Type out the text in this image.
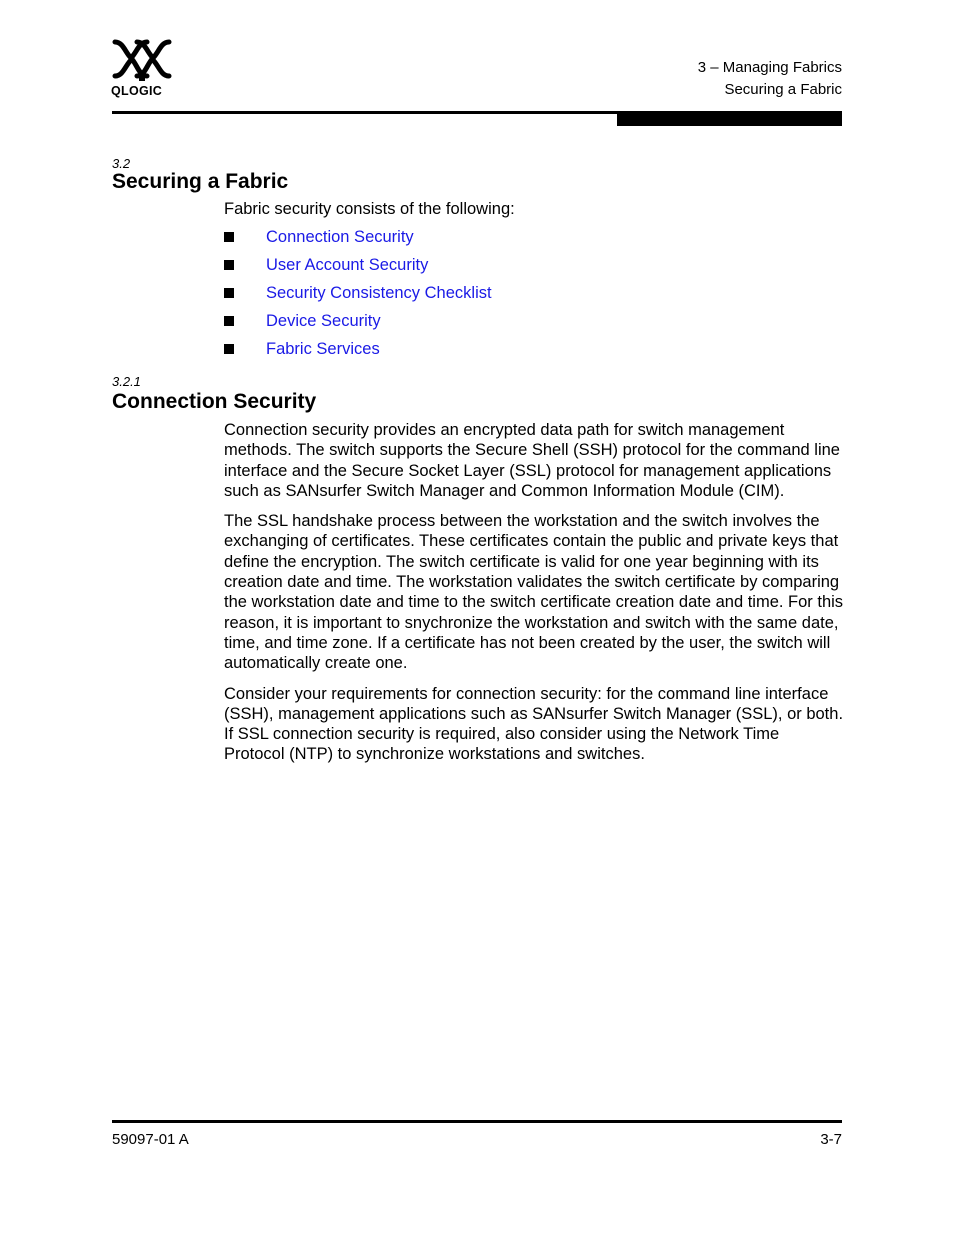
QLOGIC
3 – Managing Fabrics
Securing a Fabric
3.2
Securing a Fabric
Fabric security consists of the following:
Connection Security
User Account Security
Security Consistency Checklist
Device Security
Fabric Services
3.2.1
Connection Security

Connection security provides an encrypted data path for switch management methods. The switch supports the Secure Shell (SSH) protocol for the command line interface and the Secure Socket Layer (SSL) protocol for management applications such as SANsurfer Switch Manager and Common Information Module (CIM).

The SSL handshake process between the workstation and the switch involves the exchanging of certificates. These certificates contain the public and private keys that define the encryption. The switch certificate is valid for one year beginning with its creation date and time. The workstation validates the switch certificate by comparing the workstation date and time to the switch certificate creation date and time. For this reason, it is important to snychronize the workstation and switch with the same date, time, and time zone. If a certificate has not been created by the user, the switch will automatically create one.

Consider your requirements for connection security: for the command line interface (SSH), management applications such as SANsurfer Switch Manager (SSL), or both. If SSL connection security is required, also consider using the Network Time Protocol (NTP) to synchronize workstations and switches.

59097-01 A	3-7
